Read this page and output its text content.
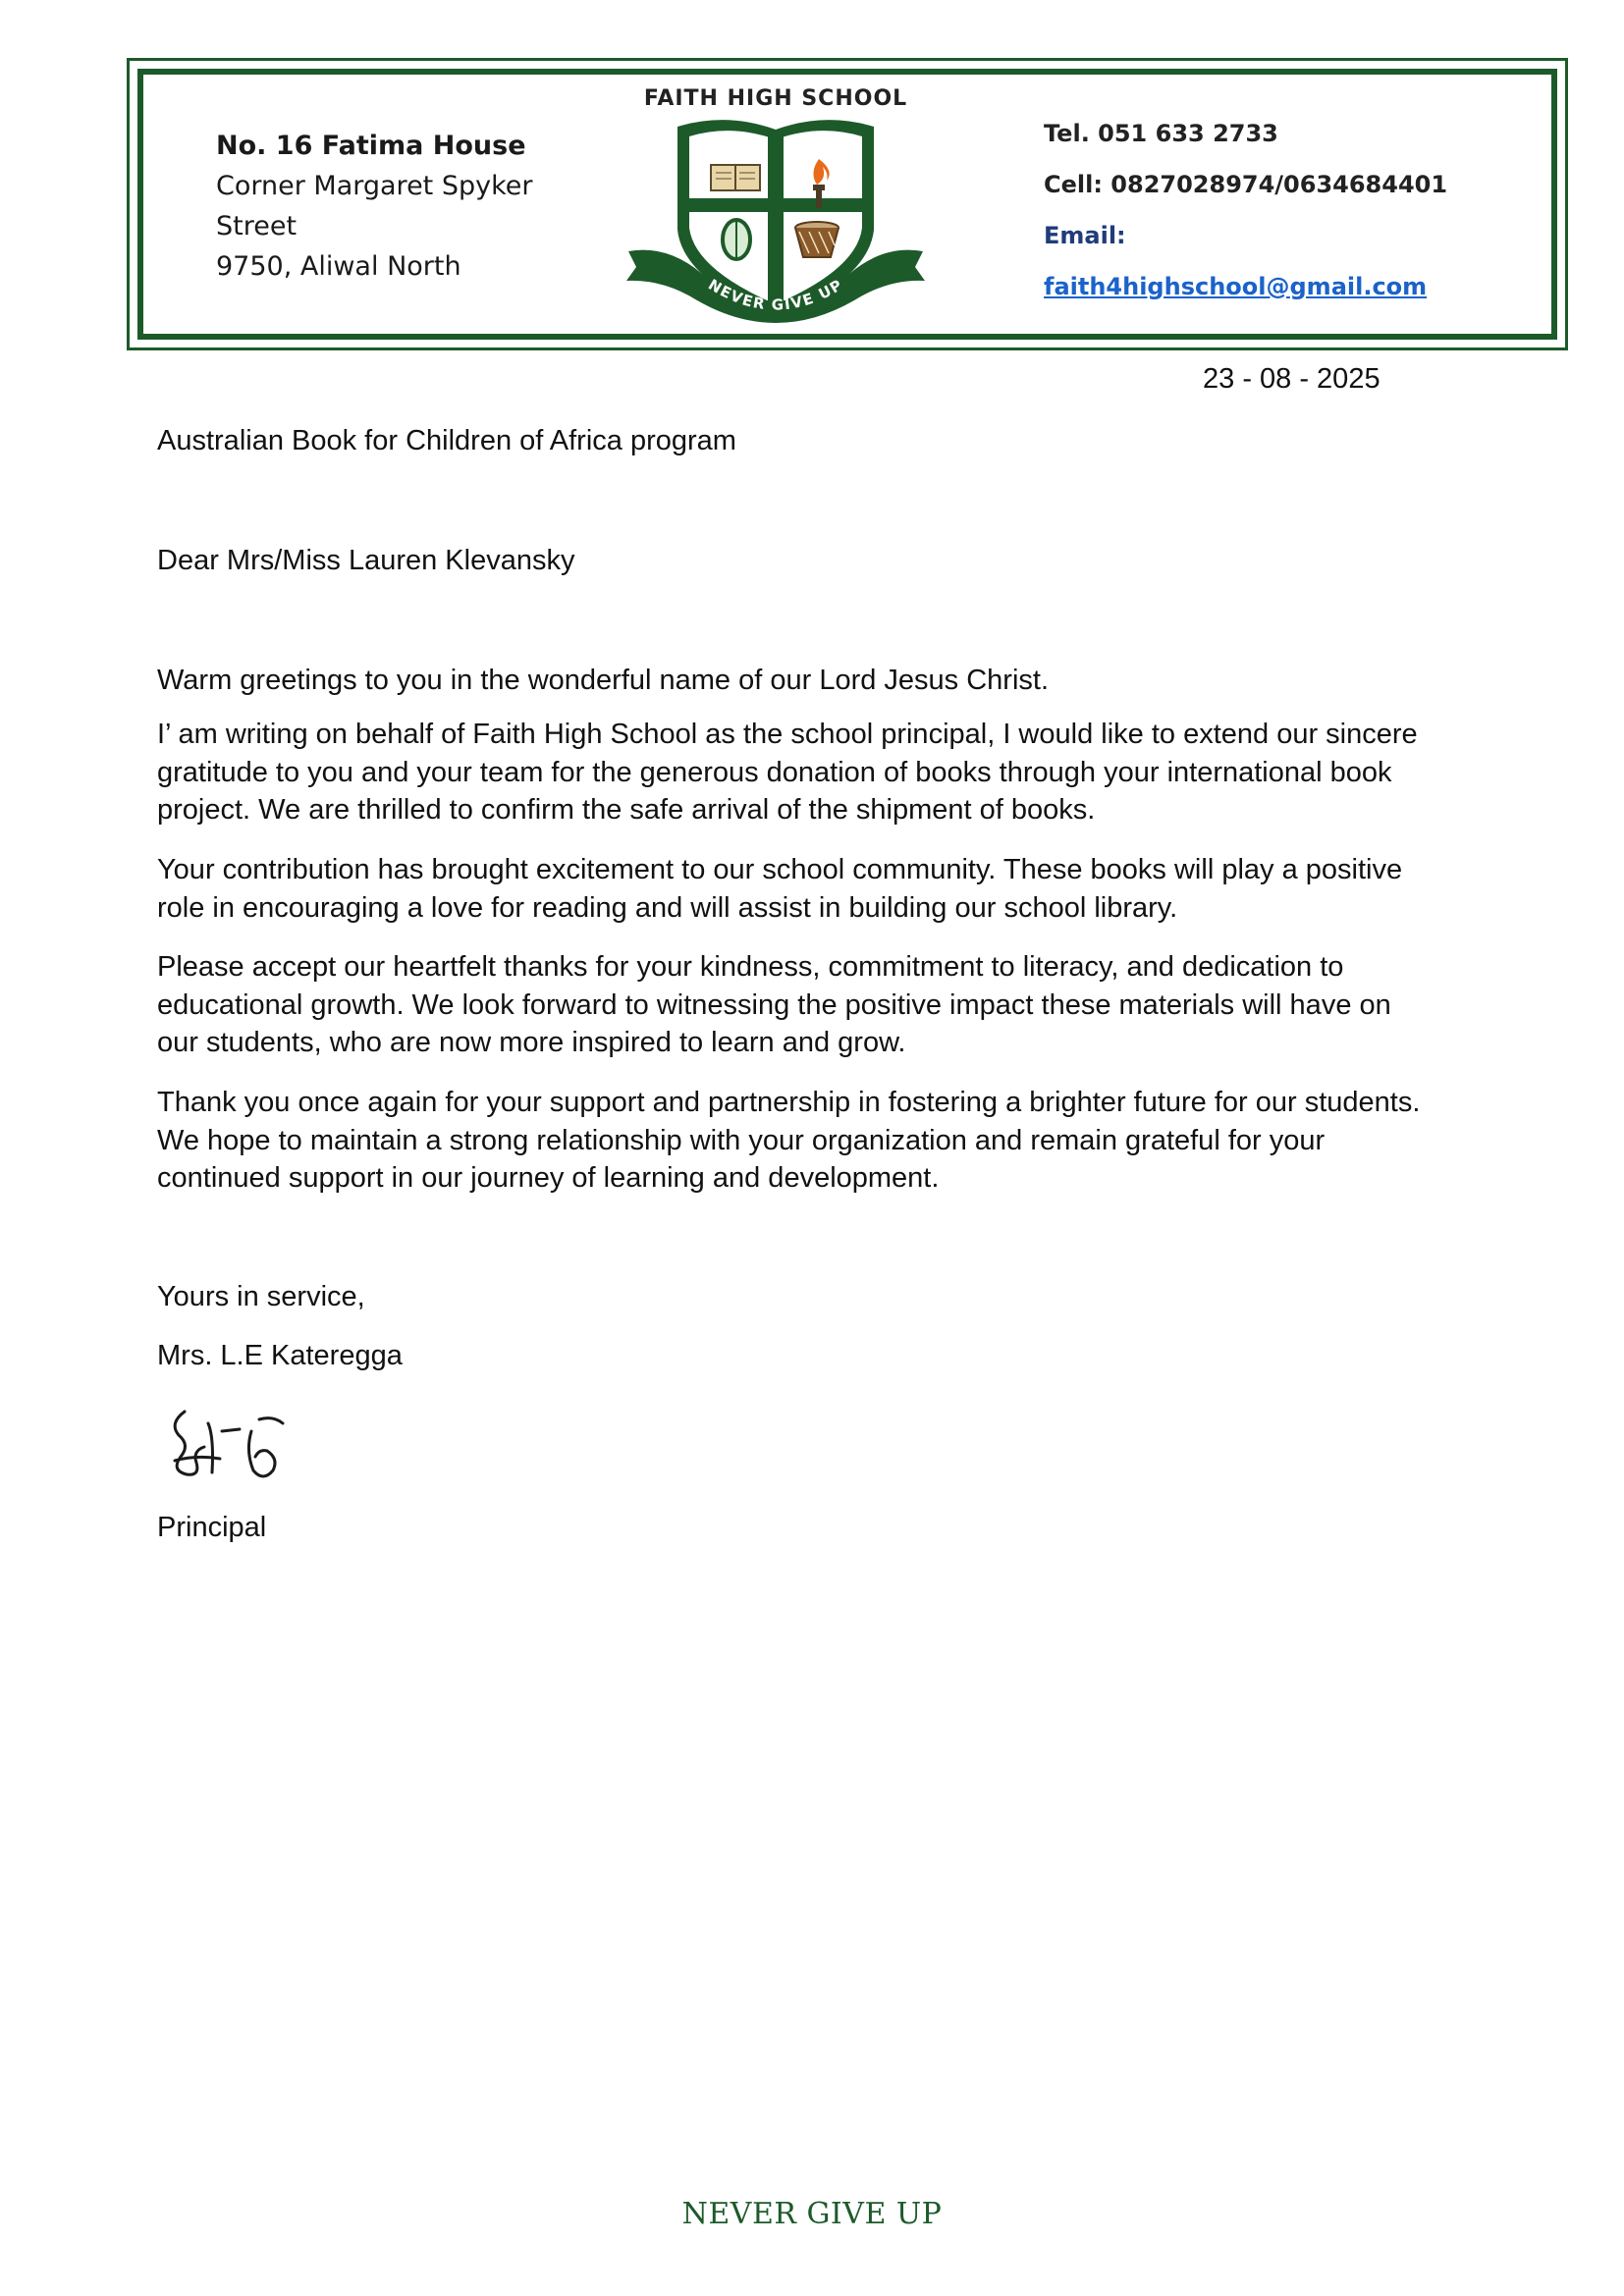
No. 16 Fatima House
Corner Margaret Spyker
Street
9750, Aliwal North
FAITH HIGH SCHOOL
NEVER GIVE UP
Tel. 051 633 2733
Cell: 0827028974/0634684401
Email:
faith4highschool@gmail.com
23 - 08 - 2025
Australian Book for Children of Africa program
Dear Mrs/Miss Lauren Klevansky
Warm greetings to you in the wonderful name of our Lord Jesus Christ.
I’ am writing on behalf of Faith High School as the school principal, I would like to extend our sincere gratitude to you and your team for the generous donation of books through your international book project. We are thrilled to confirm the safe arrival of the shipment of books.
Your contribution has brought excitement to our school community. These books will play a positive role in encouraging a love for reading and will assist in building our school library.
Please accept our heartfelt thanks for your kindness, commitment to literacy, and dedication to educational growth. We look forward to witnessing the positive impact these materials will have on our students, who are now more inspired to learn and grow.
Thank you once again for your support and partnership in fostering a brighter future for our students. We hope to maintain a strong relationship with your organization and remain grateful for your continued support in our journey of learning and development.
Yours in service,
Mrs. L.E Kateregga
Principal
NEVER GIVE UP
